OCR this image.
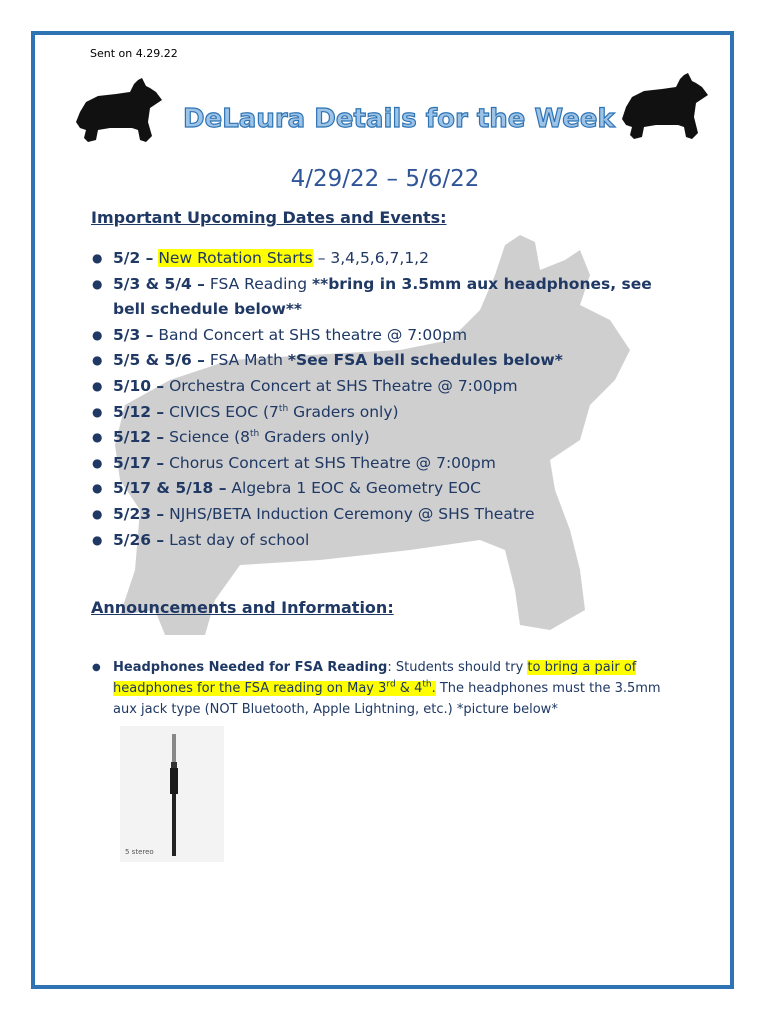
Sent on 4.29.22
DeLaura Details for the Week
4/29/22 – 5/6/22
Important Upcoming Dates and Events:
● 5/2 – New Rotation Starts – 3,4,5,6,7,1,2
● 5/3 & 5/4 – FSA Reading **bring in 3.5mm aux headphones, see bell schedule below**
● 5/3 – Band Concert at SHS theatre @ 7:00pm
● 5/5 & 5/6 – FSA Math *See FSA bell schedules below*
● 5/10 – Orchestra Concert at SHS Theatre @ 7:00pm
● 5/12 – CIVICS EOC (7th Graders only)
● 5/12 – Science (8th Graders only)
● 5/17 – Chorus Concert at SHS Theatre @ 7:00pm
● 5/17 & 5/18 – Algebra 1 EOC & Geometry EOC
● 5/23 – NJHS/BETA Induction Ceremony @ SHS Theatre
● 5/26 – Last day of school
Announcements and Information:
● Headphones Needed for FSA Reading: Students should try to bring a pair of headphones for the FSA reading on May 3rd & 4th. The headphones must the 3.5mm aux jack type (NOT Bluetooth, Apple Lightning, etc.) *picture below*
5 stereo
